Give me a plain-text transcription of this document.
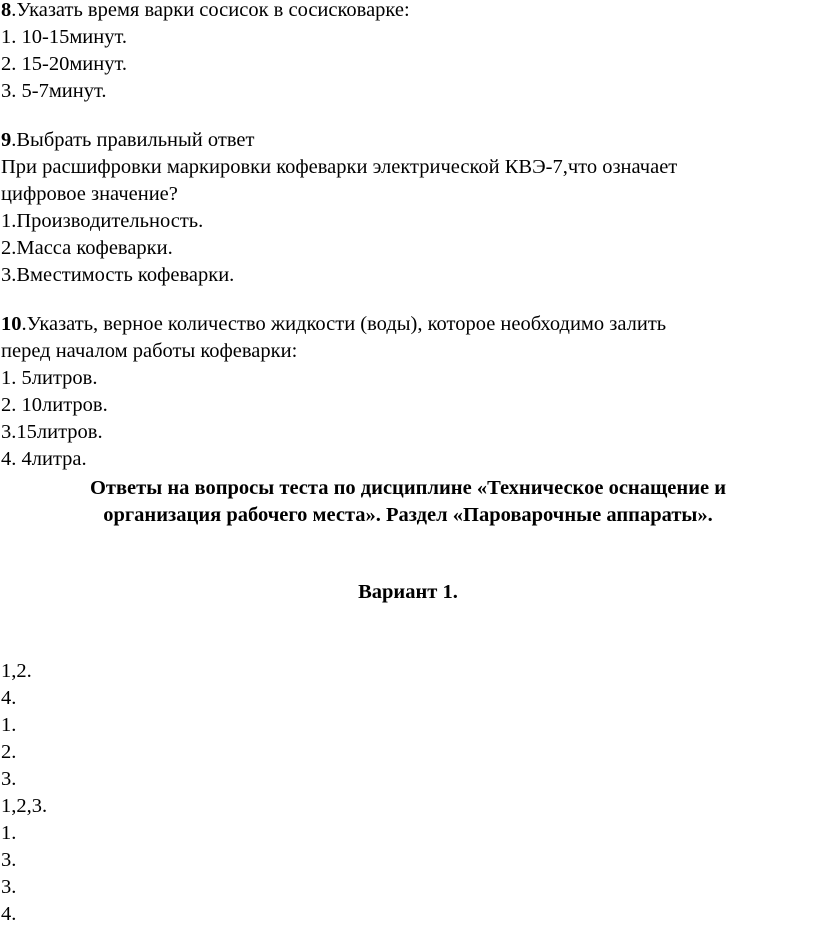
8.Указать время варки сосисок в сосисковарке:
1. 10-15минут.
2. 15-20минут.
3. 5-7минут.
9.Выбрать правильный ответ
При расшифровки маркировки кофеварки электрической КВЭ-7,что означает
цифровое значение?
1.Производительность.
2.Масса кофеварки.
3.Вместимость кофеварки.
10.Указать, верное количество жидкости (воды), которое необходимо залить
перед началом работы кофеварки:
1. 5литров.
2. 10литров.
3.15литров.
4. 4литра.
Ответы на вопросы теста по дисциплине «Техническое оснащение и
организация рабочего места». Раздел «Пароварочные аппараты».
Вариант 1.
1,2.
4.
1.
2.
3.
1,2,3.
1.
3.
3.
4.
